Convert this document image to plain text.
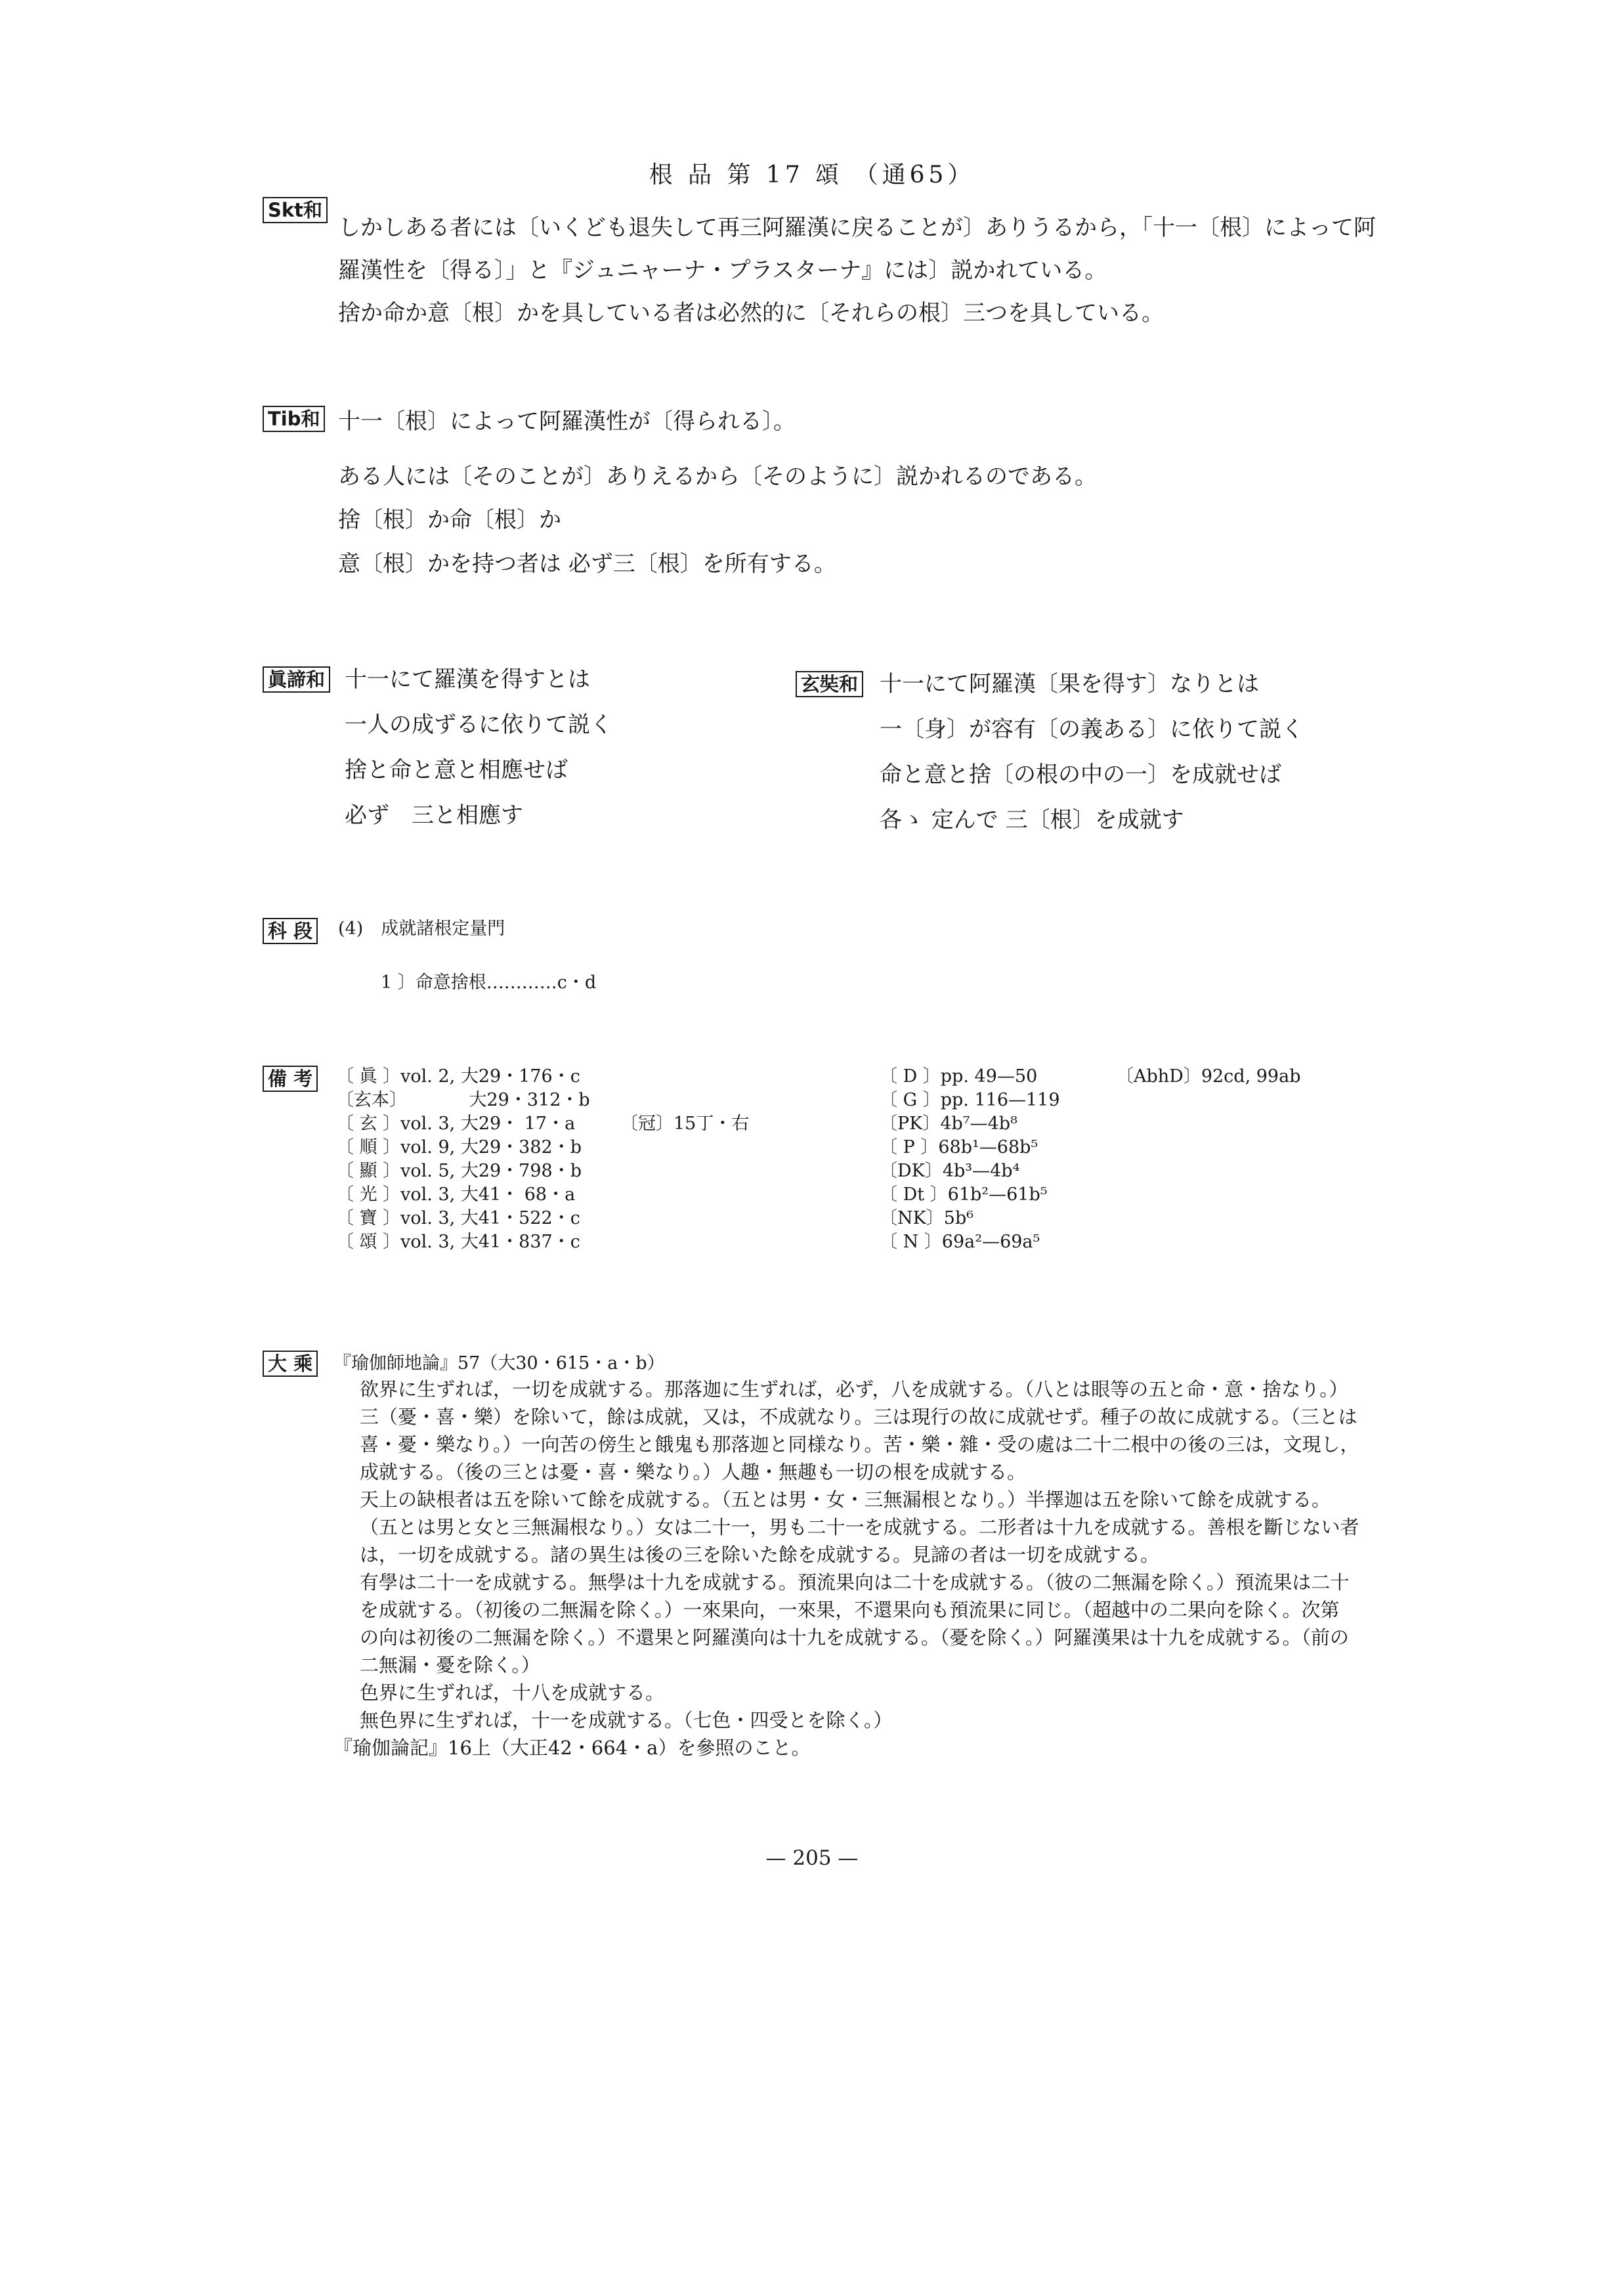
根 品 第 17 頌 （通65）
Skt和
しかしある者には〔いくども退失して再三阿羅漢に戻ることが〕ありうるから，「十一〔根〕によって阿
羅漢性を〔得る〕」と『ジュニャーナ・プラスターナ』には〕説かれている。
捨か命か意〔根〕かを具している者は必然的に〔それらの根〕三つを具している。
Tib和 十一〔根〕によって阿羅漢性が〔得られる〕。
ある人には〔そのことが〕ありえるから〔そのように〕説かれるのである。
捨〔根〕か命〔根〕か
意〔根〕かを持つ者は 必ず三〔根〕を所有する。
眞諦和 十一にて羅漢を得すとは
一人の成ずるに依りて説く
捨と命と意と相應せば
必ず　三と相應す
玄奘和 十一にて阿羅漢〔果を得す〕なりとは
一〔身〕が容有〔の義ある〕に依りて説く
命と意と捨〔の根の中の一〕を成就せば
各ゝ 定んで 三〔根〕を成就す
科 段 (4)　成就諸根定量門
1 〕命意捨根…………c・d
備 考 〔 眞 〕vol. 2, 大29・176・c
〔玄本〕　　　　大29・312・b
〔 玄 〕vol. 3, 大29・ 17・a
〔 順 〕vol. 9, 大29・382・b
〔 顯 〕vol. 5, 大29・798・b
〔 光 〕vol. 3, 大41・ 68・a
〔 寶 〕vol. 3, 大41・522・c
〔 頌 〕vol. 3, 大41・837・c
〔冠〕15丁・右
〔 D 〕pp. 49—50
〔 G 〕pp. 116—119
〔PK〕4b⁷—4b⁸
〔 P 〕68b¹—68b⁵
〔DK〕4b³—4b⁴
〔 Dt 〕61b²—61b⁵
〔NK〕5b⁶
〔 N 〕69a²—69a⁵
〔AbhD〕92cd, 99ab
大 乘 『瑜伽師地論』57（大30・615・a・b）
欲界に生ずれば，一切を成就する。那落迦に生ずれば，必ず，八を成就する。（八とは眼等の五と命・意・捨なり。）
三（憂・喜・樂）を除いて，餘は成就，又は，不成就なり。三は現行の故に成就せず。種子の故に成就する。（三とは
喜・憂・樂なり。）一向苦の傍生と餓鬼も那落迦と同様なり。苦・樂・雜・受の處は二十二根中の後の三は，文現し，
成就する。（後の三とは憂・喜・樂なり。）人趣・無趣も一切の根を成就する。
天上の缺根者は五を除いて餘を成就する。（五とは男・女・三無漏根となり。）半擇迦は五を除いて餘を成就する。
（五とは男と女と三無漏根なり。）女は二十一，男も二十一を成就する。二形者は十九を成就する。善根を斷じない者
は，一切を成就する。諸の異生は後の三を除いた餘を成就する。見諦の者は一切を成就する。
有學は二十一を成就する。無學は十九を成就する。預流果向は二十を成就する。（彼の二無漏を除く。）預流果は二十
を成就する。（初後の二無漏を除く。）一來果向，一來果，不還果向も預流果に同じ。（超越中の二果向を除く。次第
の向は初後の二無漏を除く。）不還果と阿羅漢向は十九を成就する。（憂を除く。）阿羅漢果は十九を成就する。（前の
二無漏・憂を除く。）
色界に生ずれば，十八を成就する。
無色界に生ずれば，十一を成就する。（七色・四受とを除く。）
『瑜伽論記』16上（大正42・664・a）を參照のこと。
— 205 —
